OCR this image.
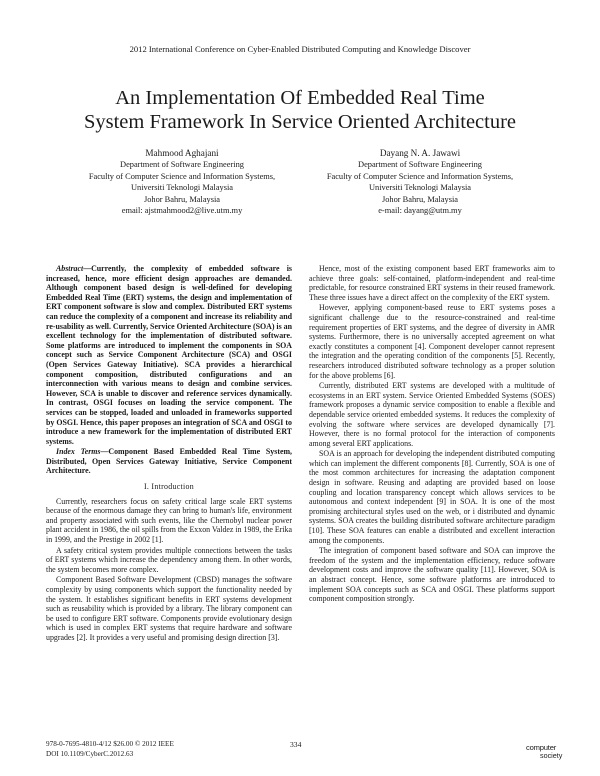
2012 International Conference on Cyber-Enabled Distributed Computing and Knowledge Discover
An Implementation Of Embedded Real Time
System Framework In Service Oriented Architecture
Mahmood Aghajani
Department of Software Engineering
Faculty of Computer Science and Information Systems,
Universiti Teknologi Malaysia
Johor Bahru, Malaysia
email: ajstmahmood2@live.utm.my
Dayang N. A. Jawawi
Department of Software Engineering
Faculty of Computer Science and Information Systems,
Universiti Teknologi Malaysia
Johor Bahru, Malaysia
e-mail: dayang@utm.my

Abstract—Currently, the complexity of embedded software is increased, hence, more efficient design approaches are demanded. Although component based design is well-defined for developing Embedded Real Time (ERT) systems, the design and implementation of ERT component software is slow and complex. Distributed ERT systems can reduce the complexity of a component and increase its reliability and re-usability as well. Currently, Service Oriented Architecture (SOA) is an excellent technology for the implementation of distributed software. Some platforms are introduced to implement the components in SOA concept such as Service Component Architecture (SCA) and OSGI (Open Services Gateway Initiative). SCA provides a hierarchical component composition, distributed configurations and an interconnection with various means to design and combine services. However, SCA is unable to discover and reference services dynamically. In contrast, OSGI focuses on loading the service component. The services can be stopped, loaded and unloaded in frameworks supported by OSGI. Hence, this paper proposes an integration of SCA and OSGI to introduce a new framework for the implementation of distributed ERT systems.

Index Terms—Component Based Embedded Real Time System, Distributed, Open Services Gateway Initiative, Service Component Architecture.

I. Introduction

Currently, researchers focus on safety critical large scale ERT systems because of the enormous damage they can bring to human's life, environment and property associated with such events, like the Chernobyl nuclear power plant accident in 1986, the oil spills from the Exxon Valdez in 1989, the Erika in 1999, and the Prestige in 2002 [1].

A safety critical system provides multiple connections between the tasks of ERT systems which increase the dependency among them. In other words, the system becomes more complex.

Component Based Software Development (CBSD) manages the software complexity by using components which support the functionality needed by the system. It establishes significant benefits in ERT systems development such as reusability which is provided by a library. The library component can be used to configure ERT software. Components provide evolutionary design which is used in complex ERT systems that require hardware and software upgrades [2]. It provides a very useful and promising design direction [3].

Hence, most of the existing component based ERT frameworks aim to achieve three goals: self-contained, platform-independent and real-time predictable, for resource constrained ERT systems in their reused framework. These three issues have a direct affect on the complexity of the ERT system.

However, applying component-based reuse to ERT systems poses a significant challenge due to the resource-constrained and real-time requirement properties of ERT systems, and the degree of diversity in AMR systems. Furthermore, there is no universally accepted agreement on what exactly constitutes a component [4]. Component developer cannot represent the integration and the operating condition of the components [5]. Recently, researchers introduced distributed software technology as a proper solution for the above problems [6].

Currently, distributed ERT systems are developed with a multitude of ecosystems in an ERT system. Service Oriented Embedded Systems (SOES) framework proposes a dynamic service composition to enable a flexible and dependable service oriented embedded systems. It reduces the complexity of evolving the software where services are developed dynamically [7]. However, there is no formal protocol for the interaction of components among several ERT applications.

SOA is an approach for developing the independent distributed computing which can implement the different components [8]. Currently, SOA is one of the most common architectures for increasing the adaptation component design in software. Reusing and adapting are provided based on loose coupling and location transparency concept which allows services to be autonomous and context independent [9] in SOA. It is one of the most promising architectural styles used on the web, or i distributed and dynamic systems. SOA creates the building distributed software architecture paradigm [10]. These SOA features can enable a distributed and excellent interaction among the components.

The integration of component based software and SOA can improve the freedom of the system and the implementation efficiency, reduce software development costs and improve the software quality [11]. However, SOA is an abstract concept. Hence, some software platforms are introduced to implement SOA concepts such as SCA and OSGI. These platforms support component composition strongly.

978-0-7695-4810-4/12 $26.00 © 2012 IEEE
DOI 10.1109/CyberC.2012.63
334	computer
society
